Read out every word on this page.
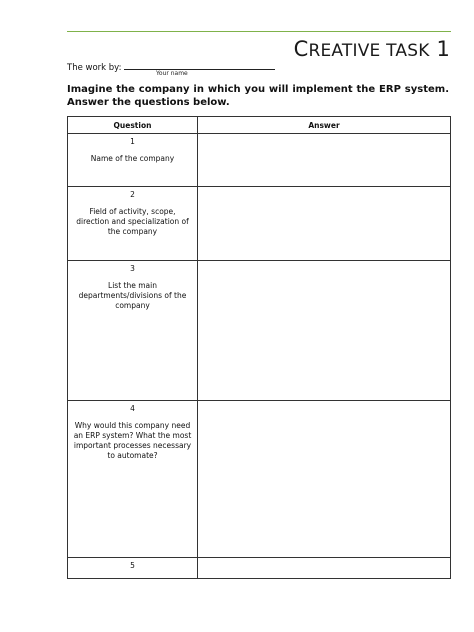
CREATIVE TASK 1
The work by:
Your name
Imagine the company in which you will implement the ERP system. Answer the questions below.
Question	Answer

1
Name of the company	

2
Field of activity, scope, direction and specialization of the company	

3
List the main departments/divisions of the company	

4
Why would this company need an ERP system? What the most important processes necessary to automate?	

5	
